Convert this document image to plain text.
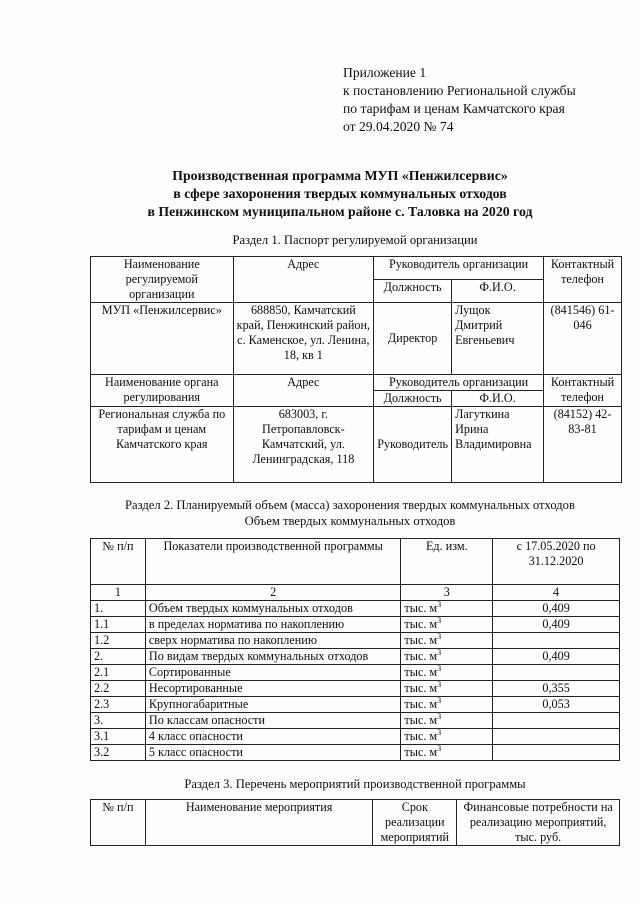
Приложение 1
к постановлению Региональной службы
по тарифам и ценам Камчатского края
от 29.04.2020 № 74
Производственная программа МУП «Пенжилсервис»
в сфере захоронения твердых коммунальных отходов
в Пенжинском муниципальном районе с. Таловка на 2020 год
Раздел 1. Паспорт регулируемой организации
Наименование регулируемой организации	Адрес	Руководитель организации		Контактный телефон
		Должность	Ф.И.О.	
МУП «Пенжилсервис»	688850, Камчатский край, Пенжинский район, с. Каменское, ул. Ленина, 18, кв 1	Директор	Лущок Дмитрий Евгеньевич	(841546) 61-046
Наименование органа регулирования	Адрес	Руководитель организации		Контактный телефон
		Должность	Ф.И.О.	
Региональная служба по тарифам и ценам Камчатского края	683003, г. Петропавловск-Камчатский, ул. Ленинградская, 118	Руководитель	Лагуткина Ирина Владимировна	(84152) 42-83-81
Раздел 2. Планируемый объем (масса) захоронения твердых коммунальных отходов
Объем твердых коммунальных отходов
№ п/п	Показатели производственной программы	Ед. изм.	с 17.05.2020 по 31.12.2020
1	2	3	4
1.	Объем твердых коммунальных отходов	тыс. $м^3$	0,409
1.1	в пределах норматива по накоплению	тыс. $м^3$	0,409
1.2	сверх норматива по накоплению	тыс. $м^3$	
2.	По видам твердых коммунальных отходов	тыс. $м^3$	0,409
2.1	Сортированные	тыс. $м^3$	
2.2	Несортированные	тыс. $м^3$	0,355
2.3	Крупногабаритные	тыс. $м^3$	0,053
3.	По классам опасности	тыс. $м^3$	
3.1	4 класс опасности	тыс. $м^3$	
3.2	5 класс опасности	тыс. $м^3$	
Раздел 3. Перечень мероприятий производственной программы
№ п/п	Наименование мероприятия	Срок реализации мероприятий	Финансовые потребности на реализацию мероприятий, тыс. руб.
